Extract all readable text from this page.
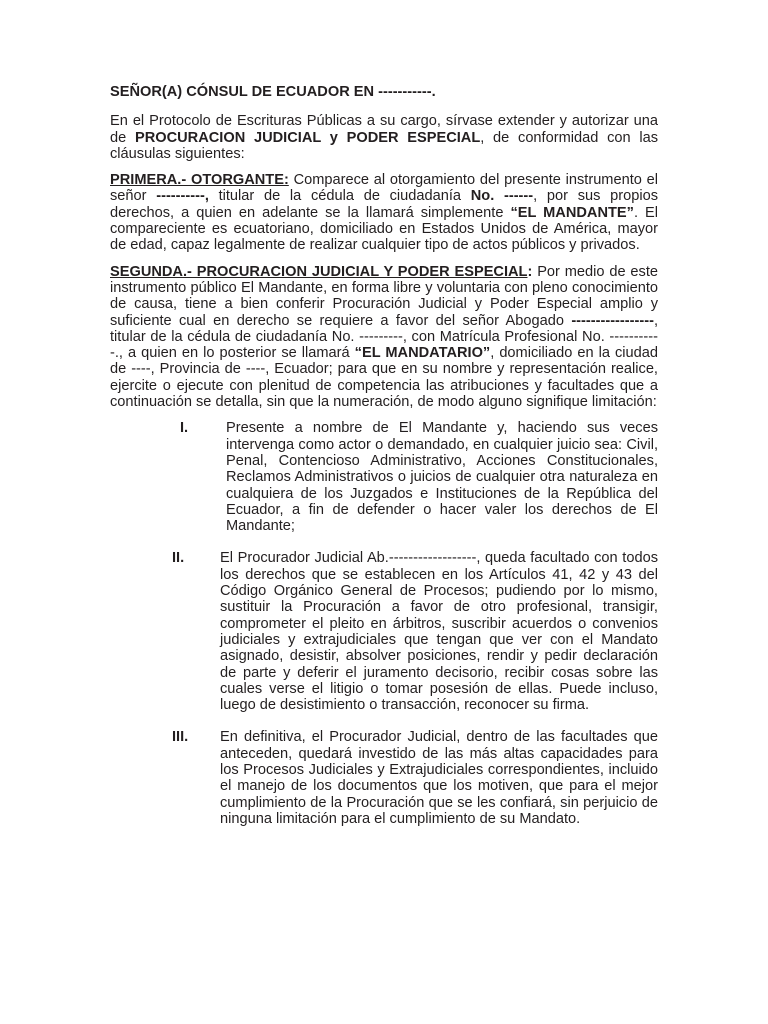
SEÑOR(A) CÓNSUL DE ECUADOR EN -----------.

En el Protocolo de Escrituras Públicas a su cargo, sírvase extender y autorizar una de PROCURACION JUDICIAL y PODER ESPECIAL, de conformidad con las cláusulas siguientes:

PRIMERA.- OTORGANTE: Comparece al otorgamiento del presente instrumento el señor ----------, titular de la cédula de ciudadanía No. ------, por sus propios derechos, a quien en adelante se la llamará simplemente “EL MANDANTE”. El compareciente es ecuatoriano, domiciliado en Estados Unidos de América, mayor de edad, capaz legalmente de realizar cualquier tipo de actos públicos y privados.

SEGUNDA.- PROCURACION JUDICIAL Y PODER ESPECIAL: Por medio de este instrumento público El Mandante, en forma libre y voluntaria con pleno conocimiento de causa, tiene a bien conferir Procuración Judicial y Poder Especial amplio y suficiente cual en derecho se requiere a favor del señor Abogado -----------------, titular de la cédula de ciudadanía No. ---------, con Matrícula Profesional No. -----------., a quien en lo posterior se llamará “EL MANDATARIO”, domiciliado en la ciudad de ----, Provincia de ----, Ecuador; para que en su nombre y representación realice, ejercite o ejecute con plenitud de competencia las atribuciones y facultades que a continuación se detalla, sin que la numeración, de modo alguno signifique limitación:

I.	Presente a nombre de El Mandante y, haciendo sus veces intervenga como actor o demandado, en cualquier juicio sea: Civil, Penal, Contencioso Administrativo, Acciones Constitucionales, Reclamos Administrativos o juicios de cualquier otra naturaleza en cualquiera de los Juzgados e Instituciones de la República del Ecuador, a fin de defender o hacer valer los derechos de El Mandante;
II. El Procurador Judicial Ab.------------------, queda facultado con todos los derechos que se establecen en los Artículos 41, 42 y 43 del Código Orgánico General de Procesos; pudiendo por lo mismo, sustituir la Procuración a favor de otro profesional, transigir, comprometer el pleito en árbitros, suscribir acuerdos o convenios judiciales y extrajudiciales que tengan que ver con el Mandato asignado, desistir, absolver posiciones, rendir y pedir declaración de parte y deferir el juramento decisorio, recibir cosas sobre las cuales verse el litigio o tomar posesión de ellas. Puede incluso, luego de desistimiento o transacción, reconocer su firma.
III. En definitiva, el Procurador Judicial, dentro de las facultades que anteceden, quedará investido de las más altas capacidades para los Procesos Judiciales y Extrajudiciales correspondientes, incluido el manejo de los documentos que los motiven, que para el mejor cumplimiento de la Procuración que se les confiará, sin perjuicio de ninguna limitación para el cumplimiento de su Mandato.
